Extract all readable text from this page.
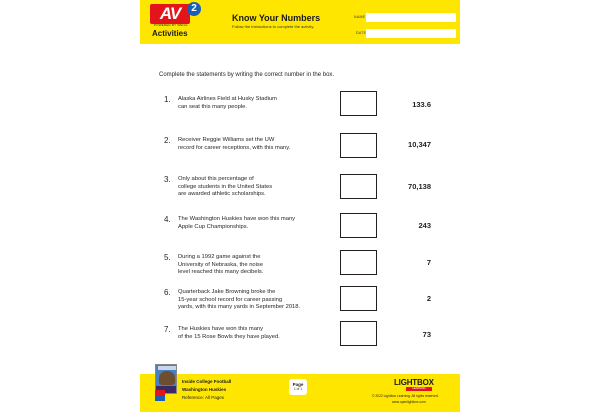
AV	2
POWERED BY WEIGL
Activities
Know Your Numbers
Follow the instructions to complete the activity.
NAME
DATE
Complete the statements by writing the correct number in the box.
1. Alaska Airlines Field at Husky Stadium
can seat this many people.	133.6
2. Receiver Reggie Williams set the UW
record for career receptions, with this many.	10,347
3. Only about this percentage of
college students in the United States
are awarded athletic scholarships.
70,138
4. The Washington Huskies have won this many
Apple Cup Championships.	243
5. During a 1992 game against the
University of Nebraska, the noise
level reached this many decibels.
7
6. Quarterback Jake Browning broke the
15-year school record for career passing
yards, with this many yards in September 2018.
2
7. The Huskies have won this many
of the 15 Rose Bowls they have played.	73
Inside College Football
Washington Huskies
Reference: All Pages
Page
1 of 1
LIGHTBOX
LEARNING
© 2022 Lightbox Learning. All rights reserved.
www.openlightbox.com
